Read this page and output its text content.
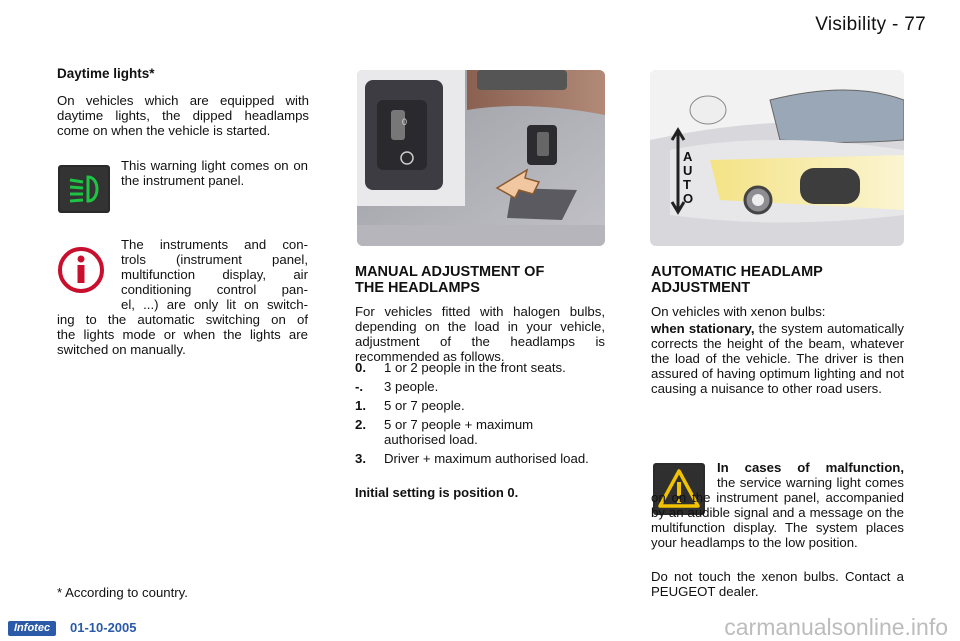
Visibility - 77
Daytime lights*
On vehicles which are equipped with daytime lights, the dipped headlamps come on when the vehicle is started.
This warning light comes on on the instrument panel.
The instruments and con-
trols (instrument panel,
multifunction display, air
conditioning control pan-
el, ...) are only lit on switch-
ing to the automatic switching on of
the lights mode or when the lights are
switched on manually.
* According to country.
0
AUTO
MANUAL ADJUSTMENT OF
THE HEADLAMPS
For vehicles fitted with halogen bulbs, depending on the load in your vehicle, adjustment of the headlamps is recommended as follows.
0.	1 or 2 people in the front seats.
-.	3 people.
1.	5 or 7 people.
2.	5 or 7 people + maximum authorised load.
3.	Driver + maximum authorised load.
Initial setting is position 0.
AUTOMATIC HEADLAMP
ADJUSTMENT
On vehicles with xenon bulbs:
when stationary, the system automatically corrects the height of the beam, whatever the load of the vehicle. The driver is then assured of having optimum lighting and not causing a nuisance to other road users.
In cases of malfunction,
the service warning light comes on on the instrument panel, accompanied by an audible signal and a message on the multifunction display. The system places your headlamps to the low position.
Do not touch the xenon bulbs. Contact a PEUGEOT dealer.
Infotec	01-10-2005	carmanualsonline.info
